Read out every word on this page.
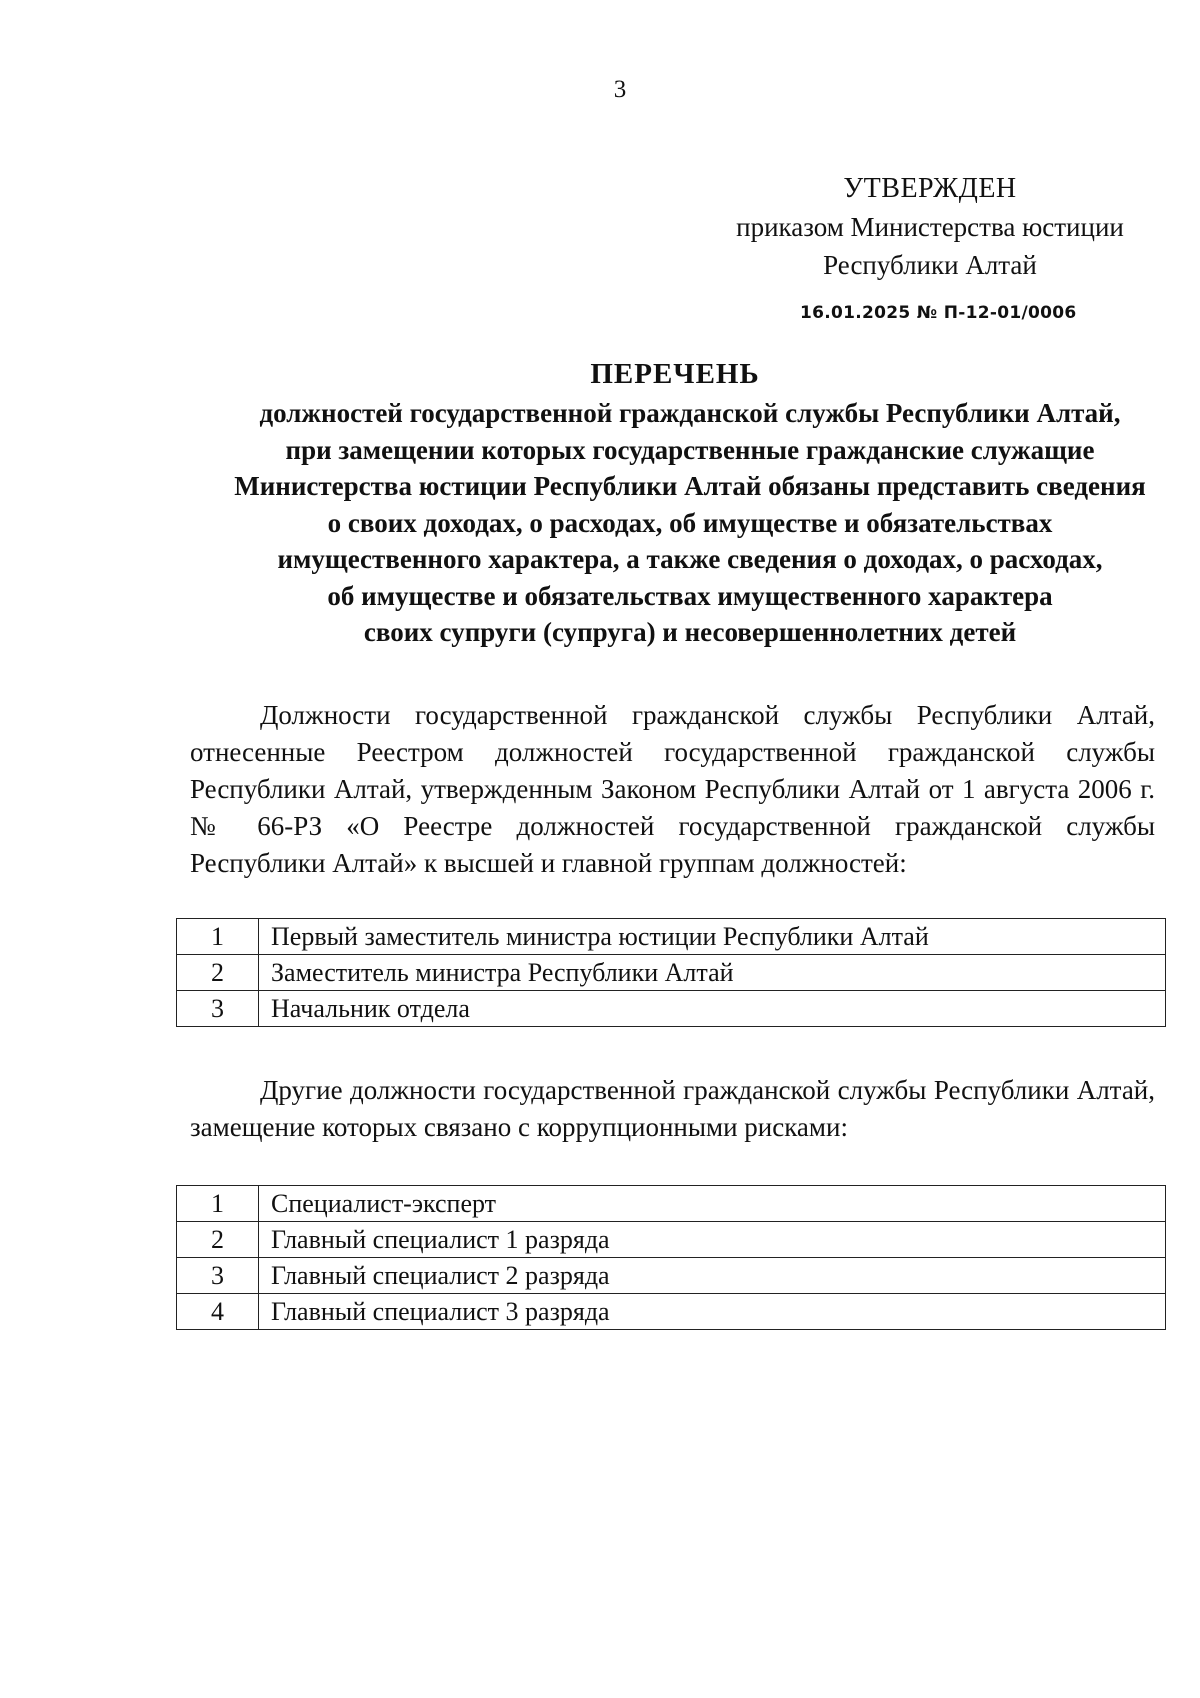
3
УТВЕРЖДЕН
приказом Министерства юстиции
Республики Алтай
16.01.2025 № П-12-01/0006
ПЕРЕЧЕНЬ
должностей государственной гражданской службы Республики Алтай,
при замещении которых государственные гражданские служащие
Министерства юстиции Республики Алтай обязаны представить сведения
о своих доходах, о расходах, об имуществе и обязательствах
имущественного характера, а также сведения о доходах, о расходах,
об имуществе и обязательствах имущественного характера
своих супруги (супруга) и несовершеннолетних детей
Должности государственной гражданской службы Республики Алтай, отнесенные Реестром должностей государственной гражданской службы Республики Алтай, утвержденным Законом Республики Алтай от 1 августа 2006 г. № 66-РЗ «О Реестре должностей государственной гражданской службы Республики Алтай» к высшей и главной группам должностей:
1	Первый заместитель министра юстиции Республики Алтай
2	Заместитель министра Республики Алтай
3	Начальник отдела
Другие должности государственной гражданской службы Республики Алтай, замещение которых связано с коррупционными рисками:
1	Специалист-эксперт
2	Главный специалист 1 разряда
3	Главный специалист 2 разряда
4	Главный специалист 3 разряда
